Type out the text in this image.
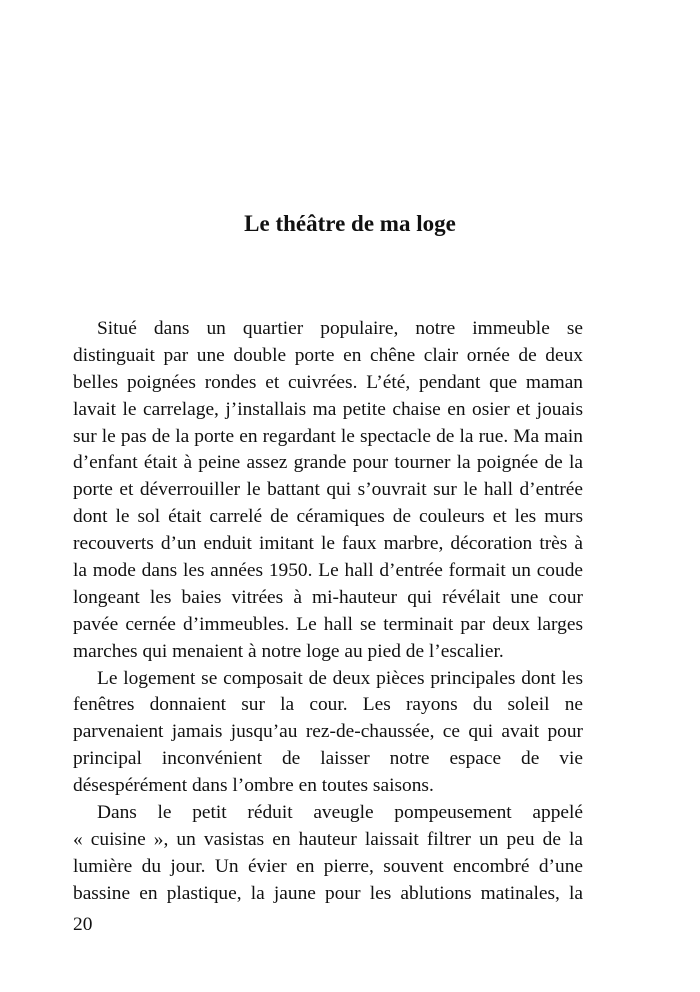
Le théâtre de ma loge
Situé dans un quartier populaire, notre immeuble se
distinguait par une double porte en chêne clair ornée de deux
belles poignées rondes et cuivrées. L’été, pendant que maman
lavait le carrelage, j’installais ma petite chaise en osier et jouais
sur le pas de la porte en regardant le spectacle de la rue. Ma main
d’enfant était à peine assez grande pour tourner la poignée de la
porte et déverrouiller le battant qui s’ouvrait sur le hall d’entrée
dont le sol était carrelé de céramiques de couleurs et les murs
recouverts d’un enduit imitant le faux marbre, décoration très à
la mode dans les années 1950. Le hall d’entrée formait un coude
longeant les baies vitrées à mi-hauteur qui révélait une cour
pavée cernée d’immeubles. Le hall se terminait par deux larges
marches qui menaient à notre loge au pied de l’escalier.
Le logement se composait de deux pièces principales dont les
fenêtres donnaient sur la cour. Les rayons du soleil ne
parvenaient jamais jusqu’au rez-de-chaussée, ce qui avait pour
principal inconvénient de laisser notre espace de vie
désespérément dans l’ombre en toutes saisons.
Dans le petit réduit aveugle pompeusement appelé
« cuisine », un vasistas en hauteur laissait filtrer un peu de la
lumière du jour. Un évier en pierre, souvent encombré d’une
bassine en plastique, la jaune pour les ablutions matinales, la
20
